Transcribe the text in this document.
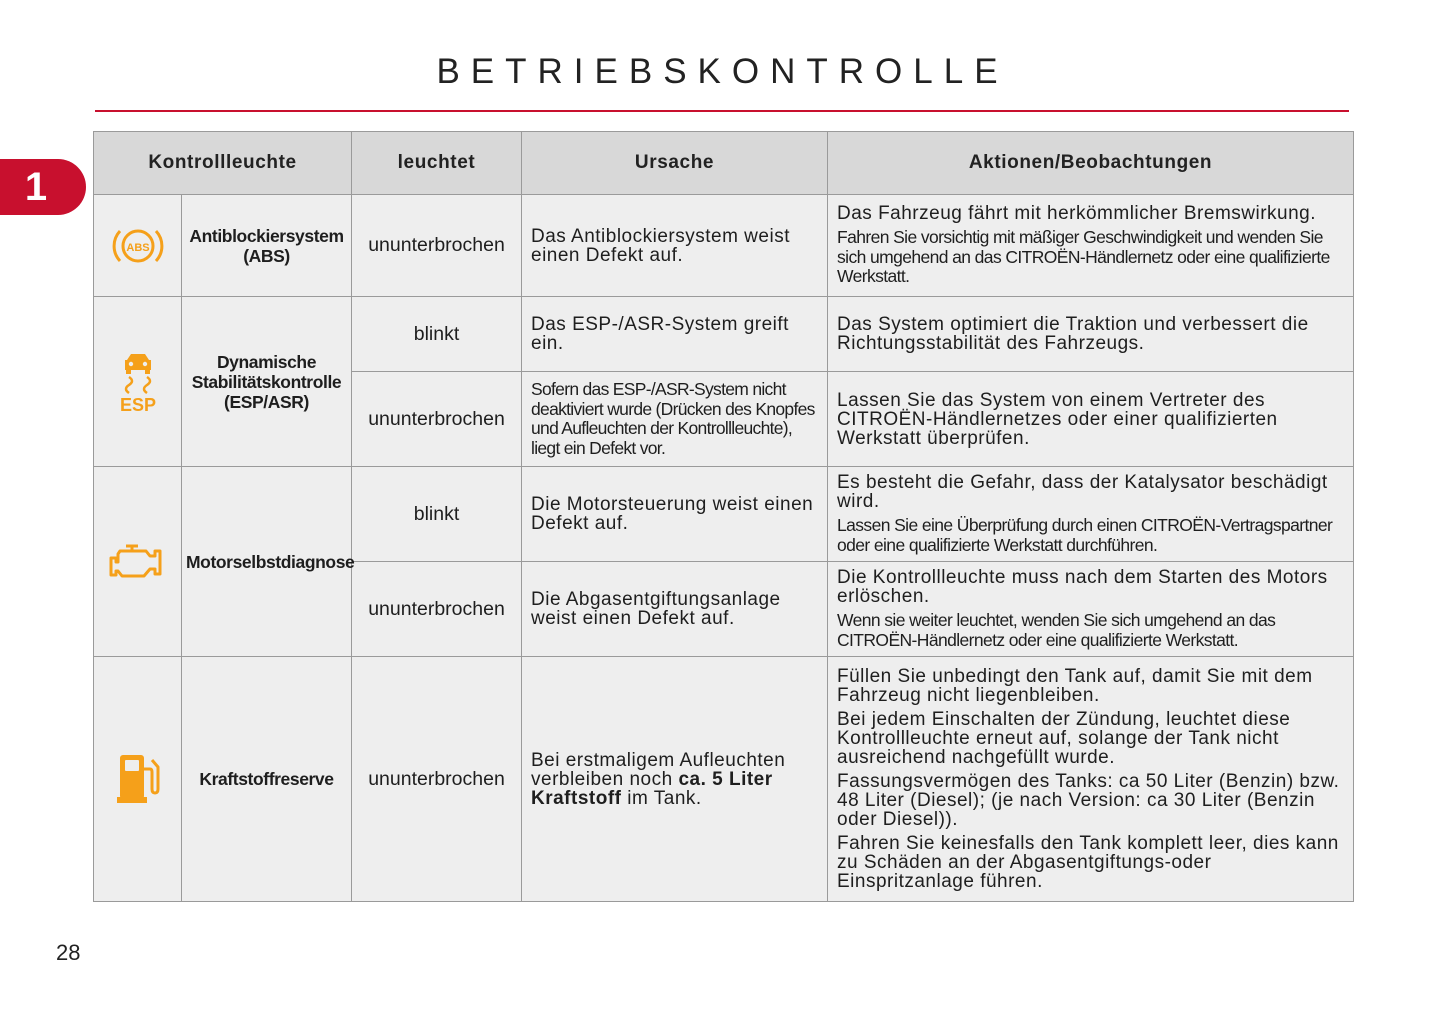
BETRIEBSKONTROLLE
1
Kontrollleuchte		leuchtet	Ursache	Aktionen/Beobachtungen

ABS	Antiblockiersystem (ABS)	ununterbrochen	Das Antiblockiersystem weist einen Defekt auf.	Das Fahrzeug fährt mit herkömmlicher Bremswirkung.
Fahren Sie vorsichtig mit mäßiger Geschwindigkeit und wenden Sie sich umgehend an das CITROËN-Händlernetz oder eine qualifizierte Werkstatt.

ESP	Dynamische Stabilitätskontrolle (ESP/ASR)	blinkt	Das ESP-/ASR-System greift ein.	Das System optimiert die Traktion und verbessert die Richtungsstabilität des Fahrzeugs.

		ununterbrochen	Sofern das ESP-/ASR-System nicht deaktiviert wurde (Drücken des Knopfes und Aufleuchten der Kontrollleuchte), liegt ein Defekt vor.	Lassen Sie das System von einem Vertreter des CITROËN-Händlernetzes oder einer qualifizierten Werkstatt überprüfen.

	Motorselbstdiagnose	blinkt	Die Motorsteuerung weist einen Defekt auf.	Es besteht die Gefahr, dass der Katalysator beschädigt wird.
Lassen Sie eine Überprüfung durch einen CITROËN-Vertragspartner oder eine qualifizierte Werkstatt durchführen.

		ununterbrochen	Die Abgasentgiftungsanlage weist einen Defekt auf.	Die Kontrollleuchte muss nach dem Starten des Motors erlöschen.
Wenn sie weiter leuchtet, wenden Sie sich umgehend an das CITROËN-Händlernetz oder eine qualifizierte Werkstatt.

	Kraftstoffreserve	ununterbrochen	Bei erstmaligem Aufleuchten verbleiben noch ca. 5 Liter Kraftstoff im Tank.	Füllen Sie unbedingt den Tank auf, damit Sie mit dem Fahrzeug nicht liegenbleiben.
Bei jedem Einschalten der Zündung, leuchtet diese Kontrollleuchte erneut auf, solange der Tank nicht ausreichend nachgefüllt wurde.
Fassungsvermögen des Tanks: ca 50 Liter (Benzin) bzw. 48 Liter (Diesel); (je nach Version: ca 30 Liter (Benzin oder Diesel)).
Fahren Sie keinesfalls den Tank komplett leer, dies kann zu Schäden an der Abgasentgiftungs-oder Einspritzanlage führen.
28
